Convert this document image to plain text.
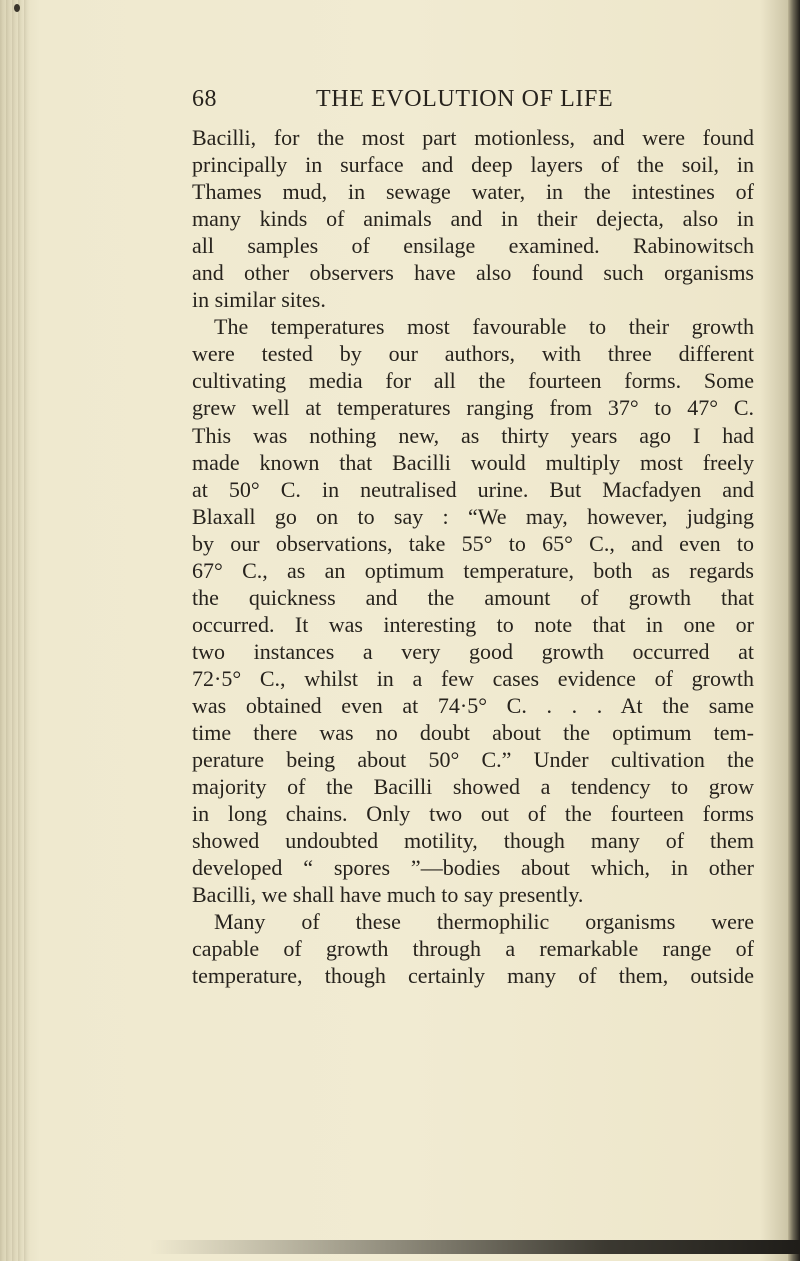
68	THE EVOLUTION OF LIFE
Bacilli, for the most part motionless, and were found
principally in surface and deep layers of the soil, in
Thames mud, in sewage water, in the intestines of
many kinds of animals and in their dejecta, also in
all samples of ensilage examined. Rabinowitsch
and other observers have also found such organisms
in similar sites.
The temperatures most favourable to their growth
were tested by our authors, with three different
cultivating media for all the fourteen forms. Some
grew well at temperatures ranging from 37° to 47° C.
This was nothing new, as thirty years ago I had
made known that Bacilli would multiply most freely
at 50° C. in neutralised urine. But Macfadyen and
Blaxall go on to say : “We may, however, judging
by our observations, take 55° to 65° C., and even to
67° C., as an optimum temperature, both as regards
the quickness and the amount of growth that
occurred. It was interesting to note that in one or
two instances a very good growth occurred at
72·5° C., whilst in a few cases evidence of growth
was obtained even at 74·5° C. . . . At the same
time there was no doubt about the optimum tem-
perature being about 50° C.” Under cultivation the
majority of the Bacilli showed a tendency to grow
in long chains. Only two out of the fourteen forms
showed undoubted motility, though many of them
developed “ spores ”—bodies about which, in other
Bacilli, we shall have much to say presently.
Many of these thermophilic organisms were
capable of growth through a remarkable range of
temperature, though certainly many of them, outside
